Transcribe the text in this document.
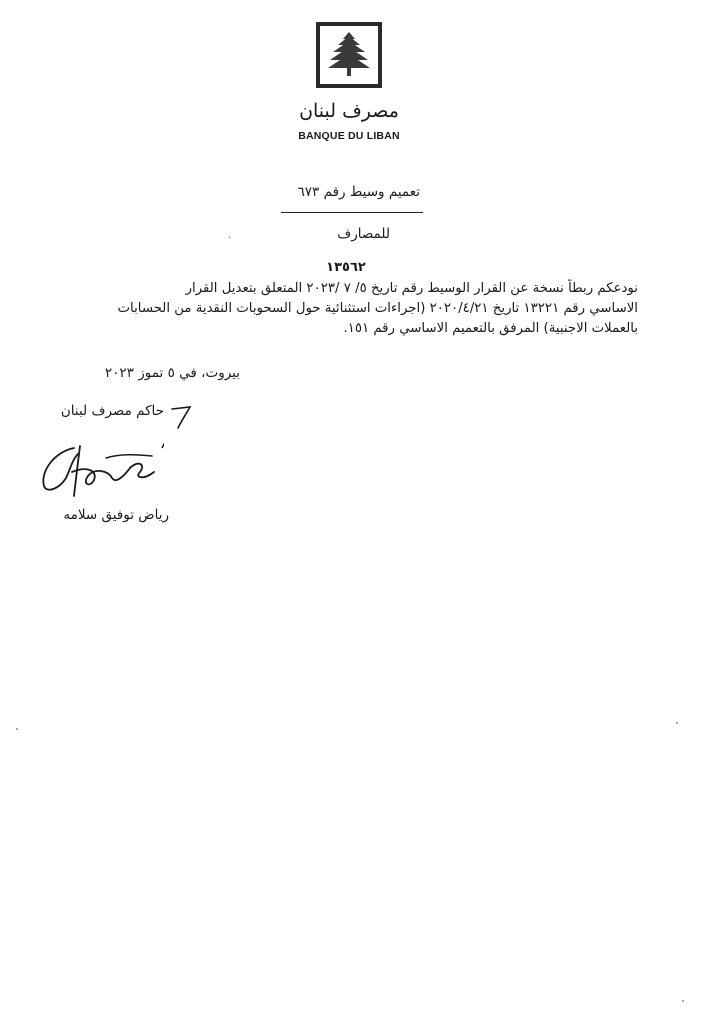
مصرف لبنان
BANQUE DU LIBAN
تعميم وسيط رقم ٦٧٣
للمصارف
ˎ
١٣٥٦٢
نودعكم ربطاً نسخة عن القرار الوسيط رقم تاريخ ٥/ ٧ /٢٠٢٣ المتعلق بتعديل القرار
الاساسي رقم ١٣٢٢١ تاريخ ٢٠٢٠/٤/٢١ (اجراءات استثنائية حول السحوبات النقدية من الحسابات
بالعملات الاجنبية) المرفق بالتعميم الاساسي رقم ١٥١.
بيروت، في ٥ تموز ٢٠٢٣
حاكم مصرف لبنان
رياض توفيق سلامه
